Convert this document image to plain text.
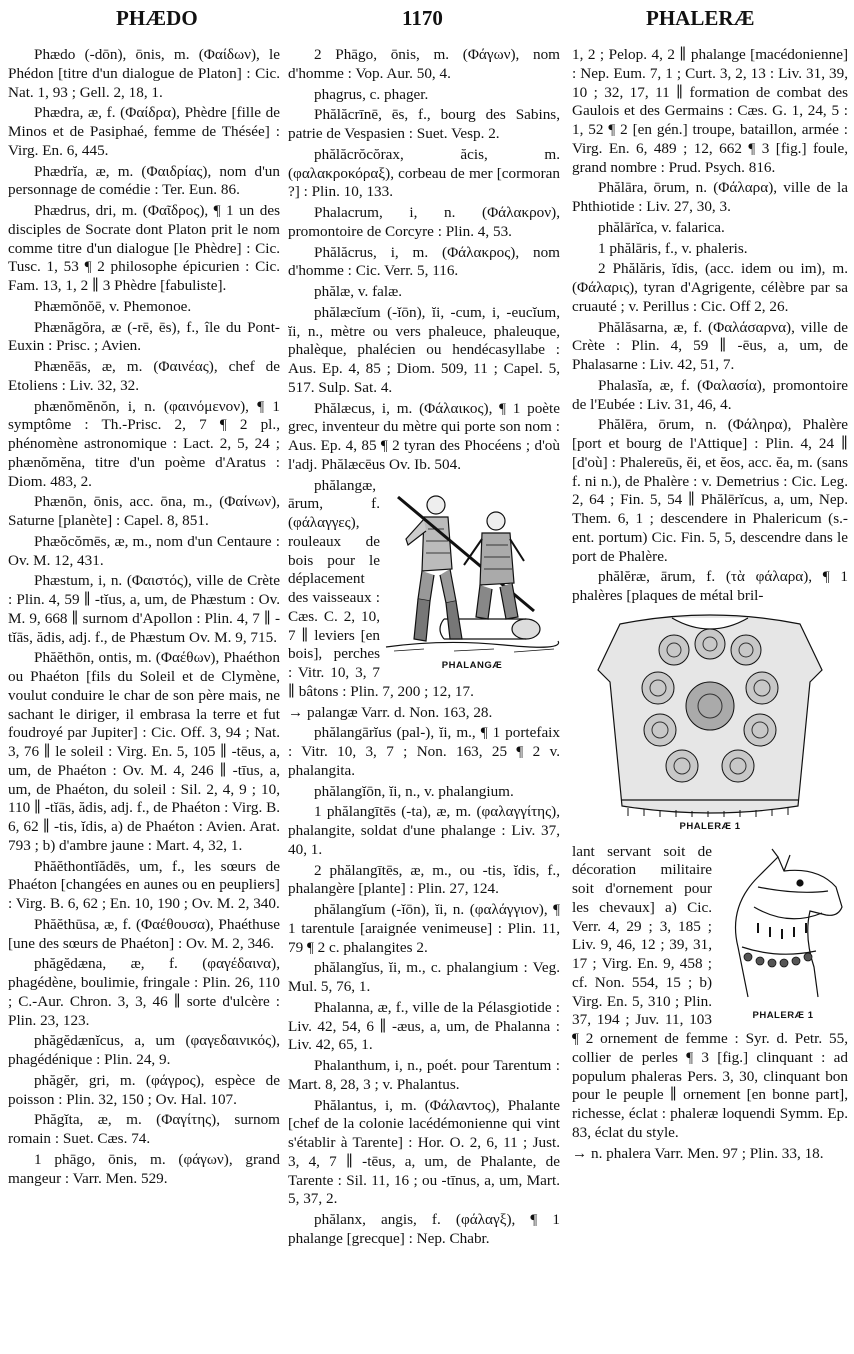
PHÆDO	1170	PHALERÆ

Phædo (-dōn), ōnis, m. (Φαίδων), le Phédon [titre d'un dialogue de Platon] : Cic. Nat. 1, 93 ; Gell. 2, 18, 1.

Phædra, æ, f. (Φαίδρα), Phèdre [fille de Minos et de Pasiphaé, femme de Thésée] : Virg. En. 6, 445.

Phædrĭa, æ, m. (Φαιδρίας), nom d'un personnage de comédie : Ter. Eun. 86.

Phædrus, dri, m. (Φαῖδρος), ¶ 1 un des disciples de Socrate dont Platon prit le nom comme titre d'un dialogue [le Phèdre] : Cic. Tusc. 1, 53 ¶ 2 philosophe épicurien : Cic. Fam. 13, 1, 2 ∥ 3 Phèdre [fabuliste].

Phæmŏnŏē, v. Phemonoe.

Phænăgŏra, æ (-rē, ēs), f., île du Pont-Euxin : Prisc. ; Avien.

Phænĕās, æ, m. (Φαινέας), chef de Etoliens : Liv. 32, 32.

phænŏmĕnŏn, i, n. (φαινόμενον), ¶ 1 symptôme : Th.-Prisc. 2, 7 ¶ 2 pl., phénomène astronomique : Lact. 2, 5, 24 ; phænŏmĕna, titre d'un poème d'Aratus : Diom. 483, 2.

Phænōn, ōnis, acc. ōna, m., (Φαίνων), Saturne [planète] : Capel. 8, 851.

Phæŏcŏmēs, æ, m., nom d'un Centaure : Ov. M. 12, 431.

Phæstum, i, n. (Φαιστός), ville de Crète : Plin. 4, 59 ∥ -tĭus, a, um, de Phæstum : Ov. M. 9, 668 ∥ surnom d'Apollon : Plin. 4, 7 ∥ -tĭās, ădis, adj. f., de Phæstum Ov. M. 9, 715.

Phăĕthōn, ontis, m. (Φαέθων), Phaéthon ou Phaéton [fils du Soleil et de Clymène, voulut conduire le char de son père mais, ne sachant le diriger, il embrasa la terre et fut foudroyé par Jupiter] : Cic. Off. 3, 94 ; Nat. 3, 76 ∥ le soleil : Virg. En. 5, 105 ∥ -tēus, a, um, de Phaéton : Ov. M. 4, 246 ∥ -tīus, a, um, de Phaéton, du soleil : Sil. 2, 4, 9 ; 10, 110 ∥ -tĭās, ădis, adj. f., de Phaéton : Virg. B. 6, 62 ∥ -tis, ĭdis, a) de Phaéton : Avien. Arat. 793 ; b) d'ambre jaune : Mart. 4, 32, 1.

Phăĕthontĭădēs, um, f., les sœurs de Phaéton [changées en aunes ou en peupliers] : Virg. B. 6, 62 ; En. 10, 190 ; Ov. M. 2, 340.

Phăĕthūsa, æ, f. (Φαέθουσα), Phaéthuse [une des sœurs de Phaéton] : Ov. M. 2, 346.

phăgĕdæna, æ, f. (φαγέδαινα), phagédène, boulimie, fringale : Plin. 26, 110 ; C.-Aur. Chron. 3, 3, 46 ∥ sorte d'ulcère : Plin. 23, 123.

phăgĕdænĭcus, a, um (φαγεδαινικός), phagédénique : Plin. 24, 9.

phăgĕr, gri, m. (φάγρος), espèce de poisson : Plin. 32, 150 ; Ov. Hal. 107.

Phăgĭta, æ, m. (Φαγίτης), surnom romain : Suet. Cæs. 74.

1 phāgo, ōnis, m. (φάγων), grand mangeur : Varr. Men. 529.

2 Phāgo, ōnis, m. (Φάγων), nom d'homme : Vop. Aur. 50, 4.

phagrus, c. phager.

Phălăcrīnē, ēs, f., bourg des Sabins, patrie de Vespasien : Suet. Vesp. 2.

phălăcrŏcŏrax, ăcis, m. (φαλακροκόραξ), corbeau de mer [cormoran ?] : Plin. 10, 133.

Phalacrum, i, n. (Φάλακρον), promontoire de Corcyre : Plin. 4, 53.

Phălăcrus, i, m. (Φάλακρος), nom d'homme : Cic. Verr. 5, 116.

phălæ, v. falæ.

phălæcĭum (-ĭōn), ĭi, -cum, i, -eucĭum, ĭi, n., mètre ou vers phaleuce, phaleuque, phalèque, phalécien ou hendécasyllabe : Aus. Ep. 4, 85 ; Diom. 509, 11 ; Capel. 5, 517. Sulp. Sat. 4.

Phălæcus, i, m. (Φάλαικος), ¶ 1 poète grec, inventeur du mètre qui porte son nom : Aus. Ep. 4, 85 ¶ 2 tyran des Phocéens ; d'où l'adj. Phălæcēus Ov. Ib. 504.

PHALANGÆ

phălangæ, ārum, f. (φάλαγγες), rouleaux de bois pour le déplacement des vaisseaux : Cæs. C. 2, 10, 7 ∥ leviers [en bois], perches : Vitr. 10, 3, 7 ∥ bâtons : Plin. 7, 200 ; 12, 17.

→ palangæ Varr. d. Non. 163, 28.

phălangārĭus (pal-), ĭi, m., ¶ 1 portefaix : Vitr. 10, 3, 7 ; Non. 163, 25 ¶ 2 v. phalangita.

phălangĭōn, ĭi, n., v. phalangium.

1 phălangītēs (-ta), æ, m. (φαλαγγίτης), phalangite, soldat d'une phalange : Liv. 37, 40, 1.

2 phălangītēs, æ, m., ou -tis, ĭdis, f., phalangère [plante] : Plin. 27, 124.

phălangĭum (-ĭōn), ĭi, n. (φαλάγγιον), ¶ 1 tarentule [araignée venimeuse] : Plin. 11, 79 ¶ 2 c. phalangites 2.

phălangĭus, ĭi, m., c. phalangium : Veg. Mul. 5, 76, 1.

Phalanna, æ, f., ville de la Pélasgiotide : Liv. 42, 54, 6 ∥ -æus, a, um, de Phalanna : Liv. 42, 65, 1.

Phalanthum, i, n., poét. pour Tarentum : Mart. 8, 28, 3 ; v. Phalantus.

Phălantus, i, m. (Φάλαντος), Phalante [chef de la colonie lacédémonienne qui vint s'établir à Tarente] : Hor. O. 2, 6, 11 ; Just. 3, 4, 7 ∥ -tēus, a, um, de Phalante, de Tarente : Sil. 11, 16 ; ou -tīnus, a, um, Mart. 5, 37, 2.

phălanx, angis, f. (φάλαγξ), ¶ 1 phalange [grecque] : Nep. Chabr.

1, 2 ; Pelop. 4, 2 ∥ phalange [macédonienne] : Nep. Eum. 7, 1 ; Curt. 3, 2, 13 : Liv. 31, 39, 10 ; 32, 17, 11 ∥ formation de combat des Gaulois et des Germains : Cæs. G. 1, 24, 5 : 1, 52 ¶ 2 [en gén.] troupe, bataillon, armée : Virg. En. 6, 489 ; 12, 662 ¶ 3 [fig.] foule, grand nombre : Prud. Psych. 816.

Phălāra, ōrum, n. (Φάλαρα), ville de la Phthiotide : Liv. 27, 30, 3.

phălārĭca, v. falarica.

1 phălāris, f., v. phaleris.

2 Phălăris, ĭdis, (acc. idem ou im), m. (Φάλαρις), tyran d'Agrigente, célèbre par sa cruauté ; v. Perillus : Cic. Off 2, 26.

Phălăsarna, æ, f. (Φαλάσαρνα), ville de Crète : Plin. 4, 59 ∥ -ēus, a, um, de Phalasarne : Liv. 42, 51, 7.

Phalasĭa, æ, f. (Φαλασία), promontoire de l'Eubée : Liv. 31, 46, 4.

Phălēra, ōrum, n. (Φάληρα), Phalère [port et bourg de l'Attique] : Plin. 4, 24 ∥ [d'où] : Phalereūs, ĕi, et ĕos, acc. ĕa, m. (sans f. ni n.), de Phalère : v. Demetrius : Cic. Leg. 2, 64 ; Fin. 5, 54 ∥ Phălērĭcus, a, um, Nep. Them. 6, 1 ; descendere in Phalericum (s.-ent. portum) Cic. Fin. 5, 5, descendre dans le port de Phalère.

phălĕræ, ārum, f. (τὰ φάλαρα), ¶ 1 phalères [plaques de métal bril-

PHALERÆ 1
PHALERÆ 1

lant servant soit de décoration militaire soit d'ornement pour les chevaux] a) Cic. Verr. 4, 29 ; 3, 185 ; Liv. 9, 46, 12 ; 39, 31, 17 ; Virg. En. 9, 458 ; cf. Non. 554, 15 ; b) Virg. En. 5, 310 ; Plin. 37, 194 ; Juv. 11, 103 ¶ 2 ornement de femme : Syr. d. Petr. 55, collier de perles ¶ 3 [fig.] clinquant : ad populum phaleras Pers. 3, 30, clinquant bon pour le peuple ∥ ornement [en bonne part], richesse, éclat : phaleræ loquendi Symm. Ep. 83, éclat du style.

→ n. phalera Varr. Men. 97 ; Plin. 33, 18.
